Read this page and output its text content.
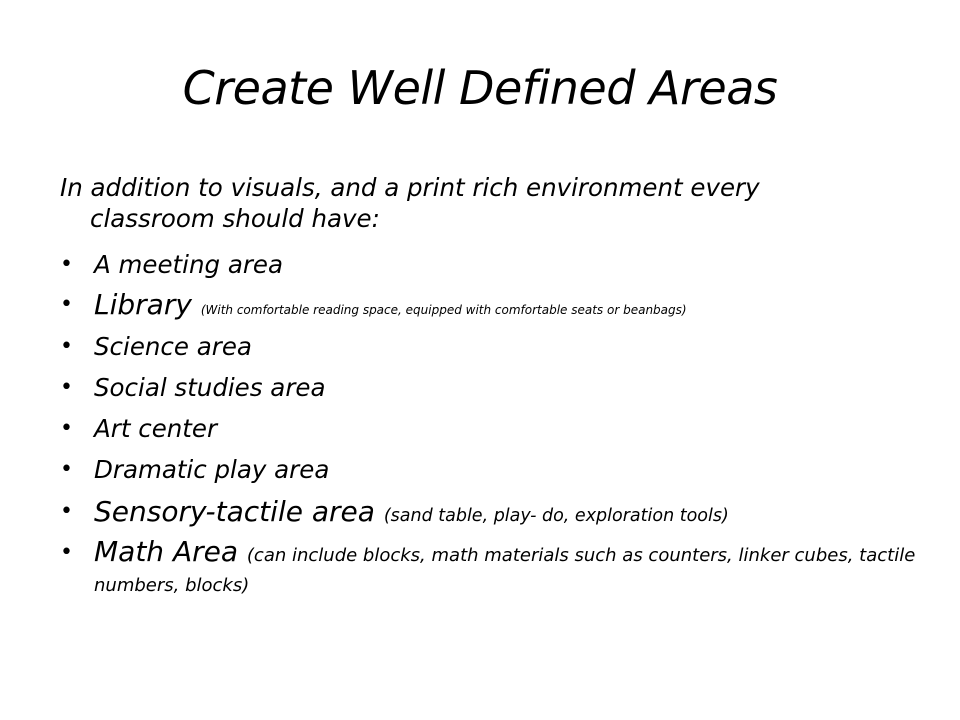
Create Well Defined Areas
In addition to visuals, and a print rich environment every
classroom should have:
• A meeting area
• Library (With comfortable reading space, equipped with comfortable seats or beanbags)
• Science area
• Social studies area
• Art center
• Dramatic play area
• Sensory-tactile area (sand table, play- do, exploration tools)
• Math Area (can include blocks, math materials such as counters, linker cubes, tactile numbers, blocks)
